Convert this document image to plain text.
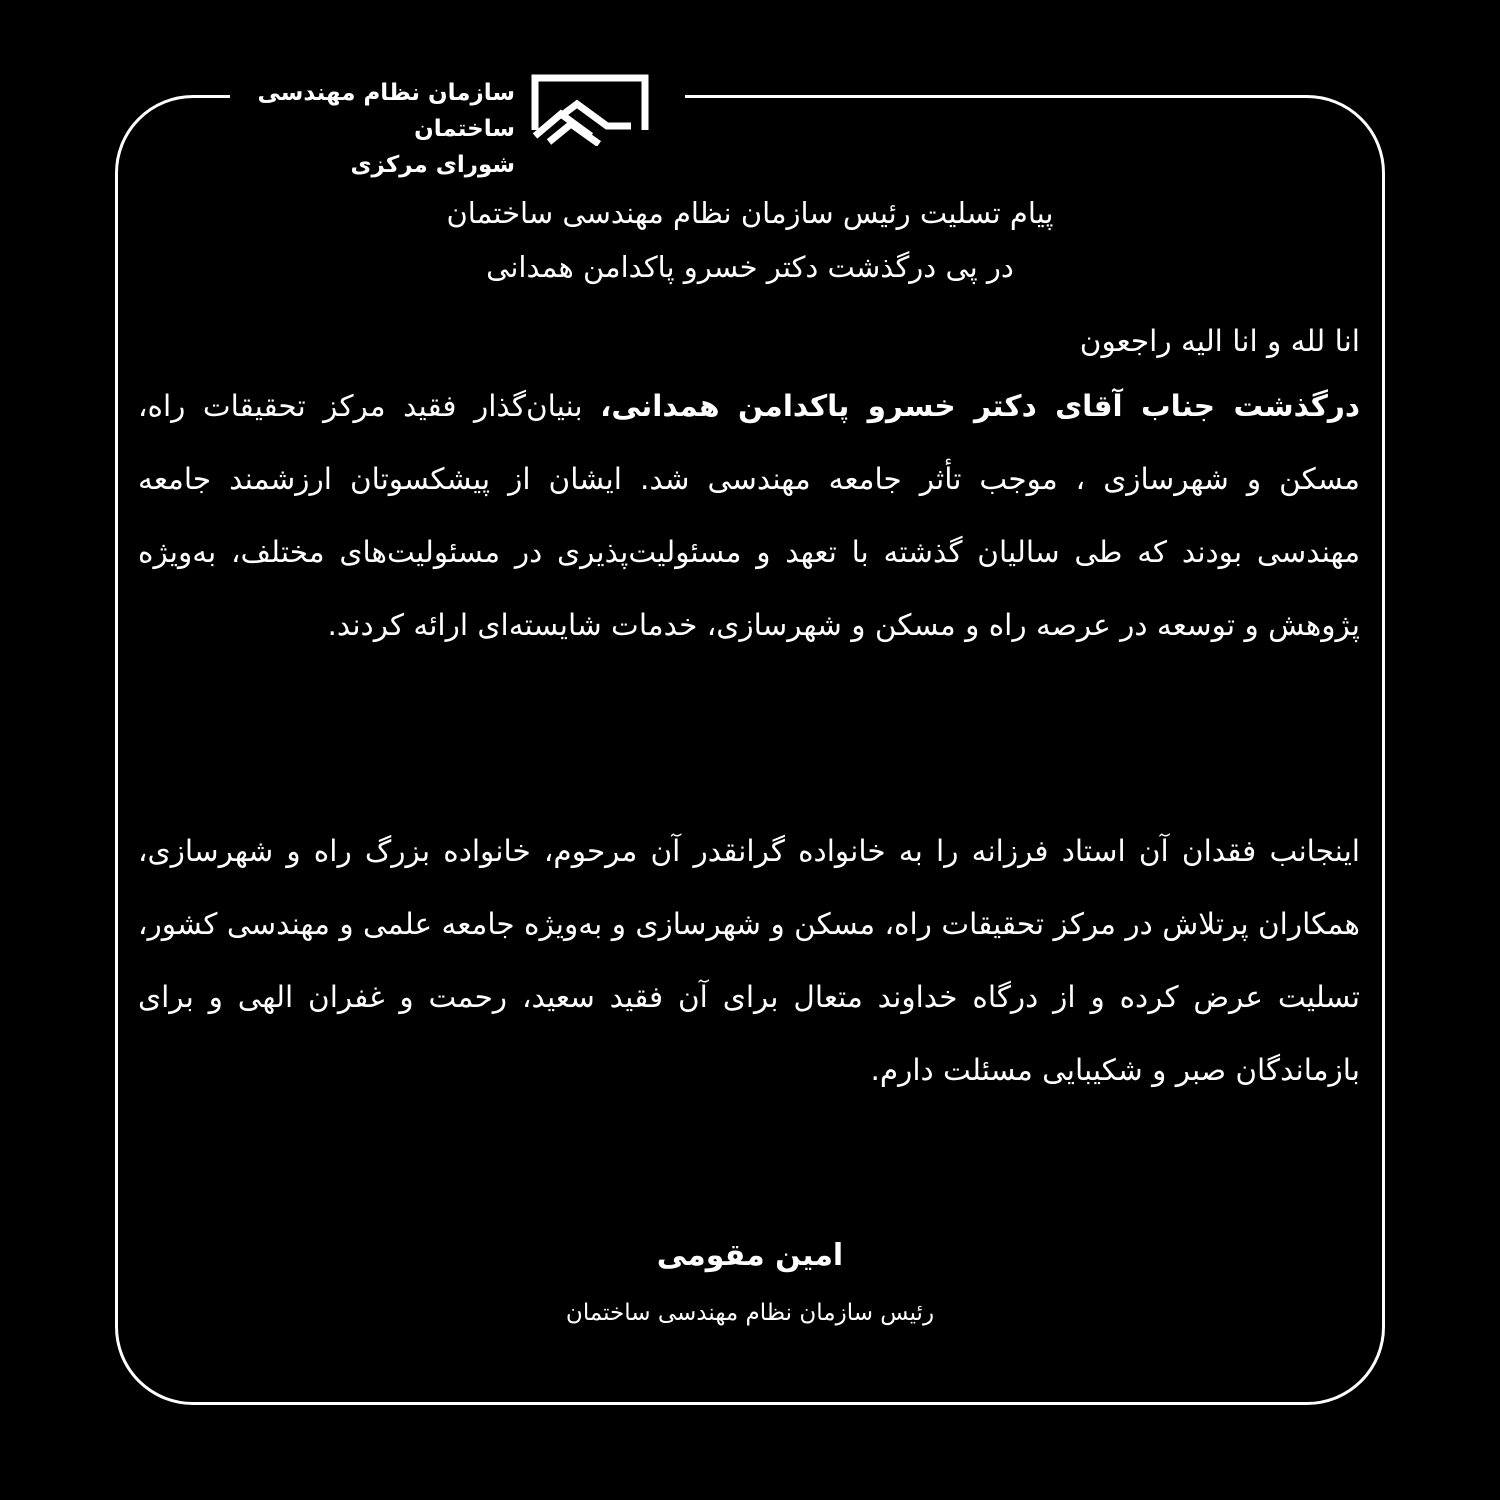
سازمان نظام مهندسی ساختمان
شورای مرکزی
پیام تسلیت رئیس سازمان نظام مهندسی ساختمان
در پی درگذشت دکتر خسرو پاکدامن همدانی
انا لله و انا الیه راجعون
درگذشت جناب آقای دکتر خسرو پاکدامن همدانی، بنیان‌گذار فقید مرکز تحقیقات راه، مسکن و شهرسازی ، موجب تأثر جامعه مهندسی شد. ایشان از پیشکسوتان ارزشمند جامعه مهندسی بودند که طی سالیان گذشته با تعهد و مسئولیت‌پذیری در مسئولیت‌های مختلف، به‌ویژه پژوهش و توسعه در عرصه راه و مسکن و شهرسازی، خدمات شایسته‌ای ارائه کردند.
اینجانب فقدان آن استاد فرزانه را به خانواده گرانقدر آن مرحوم، خانواده بزرگ راه و شهرسازی، همکاران پرتلاش در مرکز تحقیقات راه، مسکن و شهرسازی و به‌ویژه جامعه علمی و مهندسی کشور، تسلیت عرض کرده و از درگاه خداوند متعال برای آن فقید سعید، رحمت و غفران الهی و برای بازماندگان صبر و شکیبایی مسئلت دارم.
امین مقومی
رئیس سازمان نظام مهندسی ساختمان
